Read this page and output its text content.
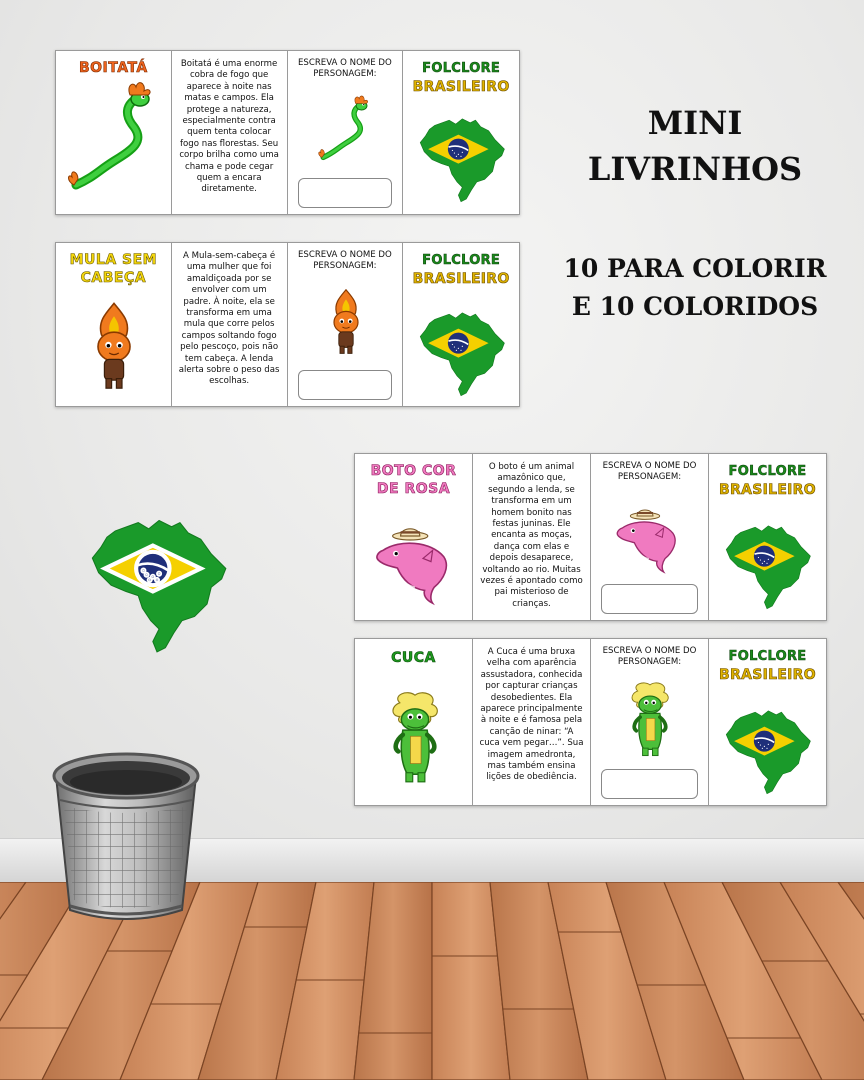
MINI
LIVRINHOS
10 PARA COLORIR
E 10 COLORIDOS
BOITATÁ	Boitatá é uma enorme cobra de fogo que aparece à noite nas matas e campos. Ela protege a natureza, especialmente contra quem tenta colocar fogo nas florestas. Seu corpo brilha como uma chama e pode cegar quem a encara diretamente.
ESCREVA O NOME DO PERSONAGEM:	FOLCLORE
BRASILEIRO
MULA SEM CABEÇA
A Mula-sem-cabeça é uma mulher que foi amaldiçoada por se envolver com um padre. À noite, ela se transforma em uma mula que corre pelos campos soltando fogo pelo pescoço, pois não tem cabeça. A lenda alerta sobre o peso das escolhas.
ESCREVA O NOME DO PERSONAGEM:	FOLCLORE
BRASILEIRO
BOTO COR DE ROSA
O boto é um animal amazônico que, segundo a lenda, se transforma em um homem bonito nas festas juninas. Ele encanta as moças, dança com elas e depois desaparece, voltando ao rio. Muitas vezes é apontado como pai misterioso de crianças.
ESCREVA O NOME DO PERSONAGEM:	FOLCLORE
BRASILEIRO
CUCA	A Cuca é uma bruxa velha com aparência assustadora, conhecida por capturar crianças desobedientes. Ela aparece principalmente à noite e é famosa pela canção de ninar: “A cuca vem pegar…”. Sua imagem amedronta, mas também ensina lições de obediência.
ESCREVA O NOME DO PERSONAGEM:	FOLCLORE
BRASILEIRO
